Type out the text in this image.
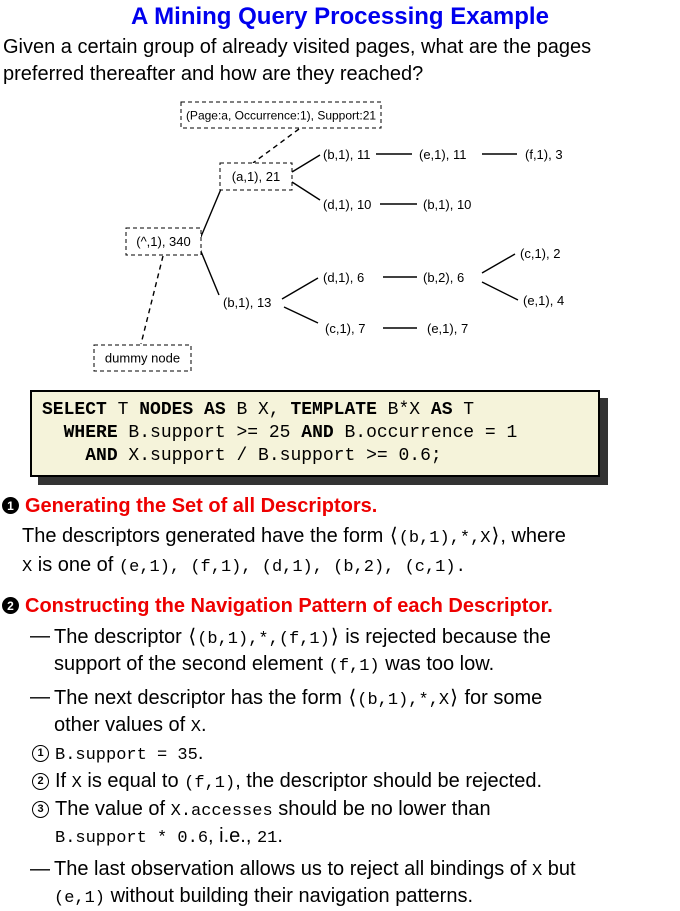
A Mining Query Processing Example
Given a certain group of already visited pages, what are the pages
preferred thereafter and how are they reached?
(Page:a, Occurrence:1), Support:21
(a,1), 21
(^,1), 340
dummy node
(b,1), 11	(e,1), 11	(f,1), 3
(d,1), 10	(b,1), 10
(b,1), 13
(d,1), 6	(b,2), 6
(c,1), 2
(e,1), 4
(c,1), 7	(e,1), 7
SELECT T NODES AS B X, TEMPLATE B*X AS T
WHERE B.support >= 25 AND B.occurrence = 1
AND X.support / B.support >= 0.6;
1 Generating the Set of all Descriptors.
The descriptors generated have the form ⟨(b,1),*,X⟩, where
X is one of (e,1), (f,1), (d,1), (b,2), (c,1).
2 Constructing the Navigation Pattern of each Descriptor.
— The descriptor ⟨(b,1),*,(f,1)⟩ is rejected because the
support of the second element (f,1) was too low.
— The next descriptor has the form ⟨(b,1),*,X⟩ for some
other values of X.
1 B.support = 35.
2 If X is equal to (f,1), the descriptor should be rejected.
3 The value of X.accesses should be no lower than
B.support * 0.6, i.e., 21.
— The last observation allows us to reject all bindings of X but
(e,1) without building their navigation patterns.
